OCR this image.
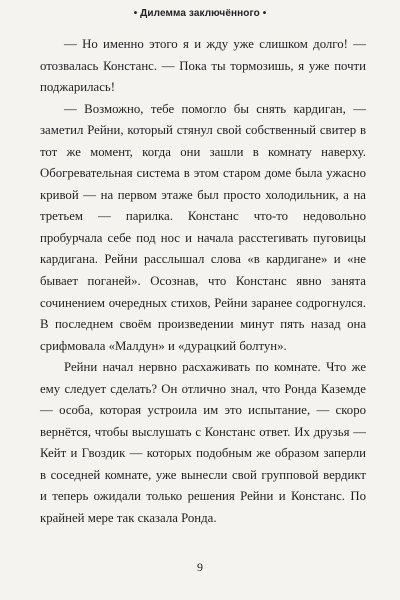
• Дилемма заключённого •

— Но именно этого я и жду уже слишком долго! — отозвалась Констанс. — Пока ты тормозишь, я уже почти поджарилась!

— Возможно, тебе помогло бы снять кардиган, — заметил Рейни, который стянул свой собственный свитер в тот же момент, когда они зашли в комнату наверху. Обогревательная система в этом старом доме была ужасно кривой — на первом этаже был просто холодильник, а на третьем — парилка. Констанс что-то недовольно пробурчала себе под нос и начала расстегивать пуговицы кардигана. Рейни расслышал слова «в кардигане» и «не бывает поганей». Осознав, что Констанс явно занята сочинением очередных стихов, Рейни заранее содрогнулся. В последнем своём произведении минут пять назад она срифмовала «Малдун» и «дурацкий болтун».

Рейни начал нервно расхаживать по комнате. Что же ему следует сделать? Он отлично знал, что Ронда Каземде — особа, которая устроила им это испытание, — скоро вернётся, чтобы выслушать с Констанс ответ. Их друзья — Кейт и Гвоздик — которых подобным же образом заперли в соседней комнате, уже вынесли свой групповой вердикт и теперь ожидали только решения Рейни и Констанс. По крайней мере так сказала Ронда.

9
